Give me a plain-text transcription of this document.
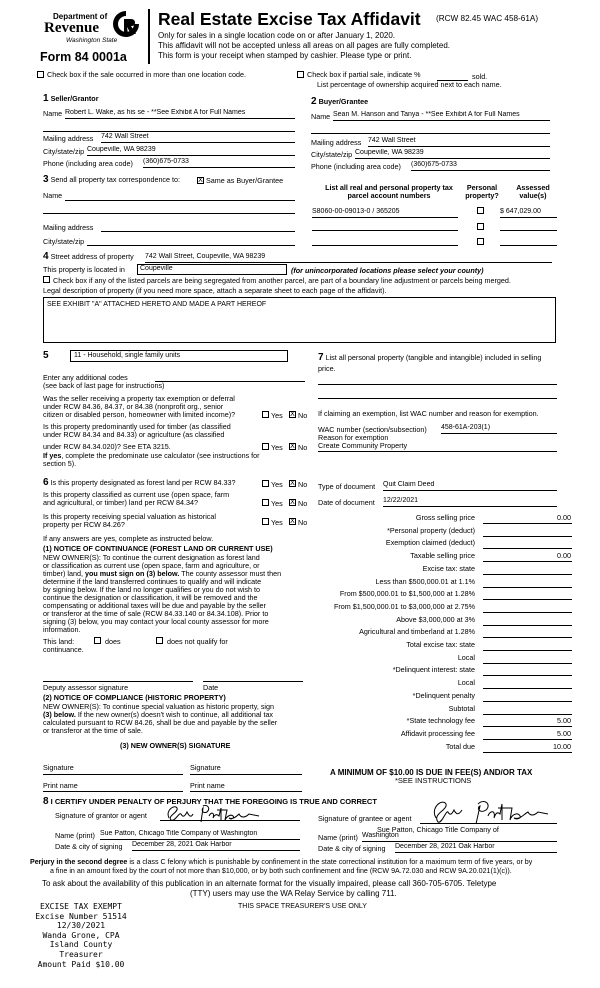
Department of
Revenue
Washington State
Form 84 0001a
Real Estate Excise Tax Affidavit (RCW 82.45 WAC 458-61A)
Only for sales in a single location code on or after January 1, 2020.
This affidavit will not be accepted unless all areas on all pages are fully completed.
This form is your receipt when stamped by cashier. Please type or print.
Check box if the sale occurred in more than one location code.	Check box if partial sale, indicate %	sold.
List percentage of ownership acquired next to each name.
1 Seller/Grantor
Name Robert L. Wake, as his se - **See Exhibit A for Full Names
Mailing address 742 Wall Street
City/state/zip Coupeville, WA 98239
Phone (including area code) (360)675-0733
2 Buyer/Grantee
Name Sean M. Hanson and Tanya - **See Exhibit A for Full Names
Mailing address 742 Wall Street
City/state/zip Coupeville, WA 98239
Phone (including area code) (360)675-0733
3 Send all property tax correspondence to:	X Same as Buyer/Grantee
Name
Mailing address
City/state/zip
List all real and personal property tax parcel account numbers
Personal property?
Assessed value(s)
S8060-00-09013-0 / 365205	$ 647,029.00
4 Street address of property 742 Wall Street, Coupeville, WA 98239
This property is located in	Coupeville	(for unincorporated locations please select your county)
Check box if any of the listed parcels are being segregated from another parcel, are part of a boundary line adjustment or parcels being merged.
Legal description of property (if you need more space, attach a separate sheet to each page of the affidavit).
SEE EXHIBIT "A" ATTACHED HERETO AND MADE A PART HEREOF
5	11 - Household, single family units
Enter any additional codes
(see back of last page for instructions)
Was the seller receiving a property tax exemption or deferral
under RCW 84.36, 84.37, or 84.38 (nonprofit org., senior
citizen or disabled person, homeowner with limited income)?	Yes X No
Is this property predominantly used for timber (as classified
under RCW 84.34 and 84.33) or agriculture (as classified
under RCW 84.34.020)? See ETA 3215.	Yes X No
If yes, complete the predominate use calculator (see instructions for
section 5).
6 Is this property designated as forest land per RCW 84.33?	Yes X No
Is this property classified as current use (open space, farm
and agricultural, or timber) land per RCW 84.34?	Yes X No
Is this property receiving special valuation as historical
property per RCW 84.26?	Yes X No
If any answers are yes, complete as instructed below.
(1) NOTICE OF CONTINUANCE (FOREST LAND OR CURRENT USE)
NEW OWNER(S): To continue the current designation as forest land
or classification as current use (open space, farm and agriculture, or
timber) land, you must sign on (3) below. The county assessor must then
determine if the land transferred continues to qualify and will indicate
by signing below. If the land no longer qualifies or you do not wish to
continue the designation or classification, it will be removed and the
compensating or additional taxes will be due and payable by the seller
or transferor at the time of sale (RCW 84.33.140 or 84.34.108). Prior to
signing (3) below, you may contact your local county assessor for more
information.
This land:	does	does not qualify for
continuance.
Deputy assessor signature	Date
(2) NOTICE OF COMPLIANCE (HISTORIC PROPERTY)
NEW OWNER(S): To continue special valuation as historic property, sign
(3) below. If the new owner(s) doesn't wish to continue, all additional tax
calculated pursuant to RCW 84.26, shall be due and payable by the seller
or transferor at the time of sale.
(3) NEW OWNER(S) SIGNATURE
Signature	Signature
Print name	Print name
7 List all personal property (tangible and intangible) included in selling
price.
If claiming an exemption, list WAC number and reason for exemption.
WAC number (section/subsection) 458-61A-203(1)
Reason for exemption
Create Community Property
Type of document Quit Claim Deed
Date of document 12/22/2021
Gross selling price	0.00
*Personal property (deduct)
Exemption claimed (deduct)
Taxable selling price	0.00
Excise tax: state
Less than $500,000.01 at 1.1%
From $500,000.01 to $1,500,000 at 1.28%
From $1,500,000.01 to $3,000,000 at 2.75%
Above $3,000,000 at 3%
Agricultural and timberland at 1.28%
Total excise tax: state
Local
*Delinquent interest: state
Local
*Delinquent penalty
Subtotal
*State technology fee	5.00
Affidavit processing fee	5.00
Total due	10.00
A MINIMUM OF $10.00 IS DUE IN FEE(S) AND/OR TAX
*SEE INSTRUCTIONS
8 I CERTIFY UNDER PENALTY OF PERJURY THAT THE FOREGOING IS TRUE AND CORRECT
Signature of grantor or agent
Name (print) Sue Patton, Chicago Title Company of Washington
Date & city of signing December 28, 2021 Oak Harbor
Signature of grantee or agent
Sue Patton, Chicago Title Company of
Name (print) Washington
Date & city of signing December 28, 2021 Oak Harbor
Perjury in the second degree is a class C felony which is punishable by confinement in the state correctional institution for a maximum term of five years, or by
a fine in an amount fixed by the court of not more than $10,000, or by both such confinement and fine (RCW 9A.72.030 and RCW 9A.20.021(1)(c)).
To ask about the availability of this publication in an alternate format for the visually impaired, please call 360-705-6705. Teletype
(TTY) users may use the WA Relay Service by calling 711.
THIS SPACE TREASURER'S USE ONLY
EXCISE TAX EXEMPT
Excise Number 51514
12/30/2021
Wanda Grone, CPA
Island County Treasurer
Amount Paid $10.00
